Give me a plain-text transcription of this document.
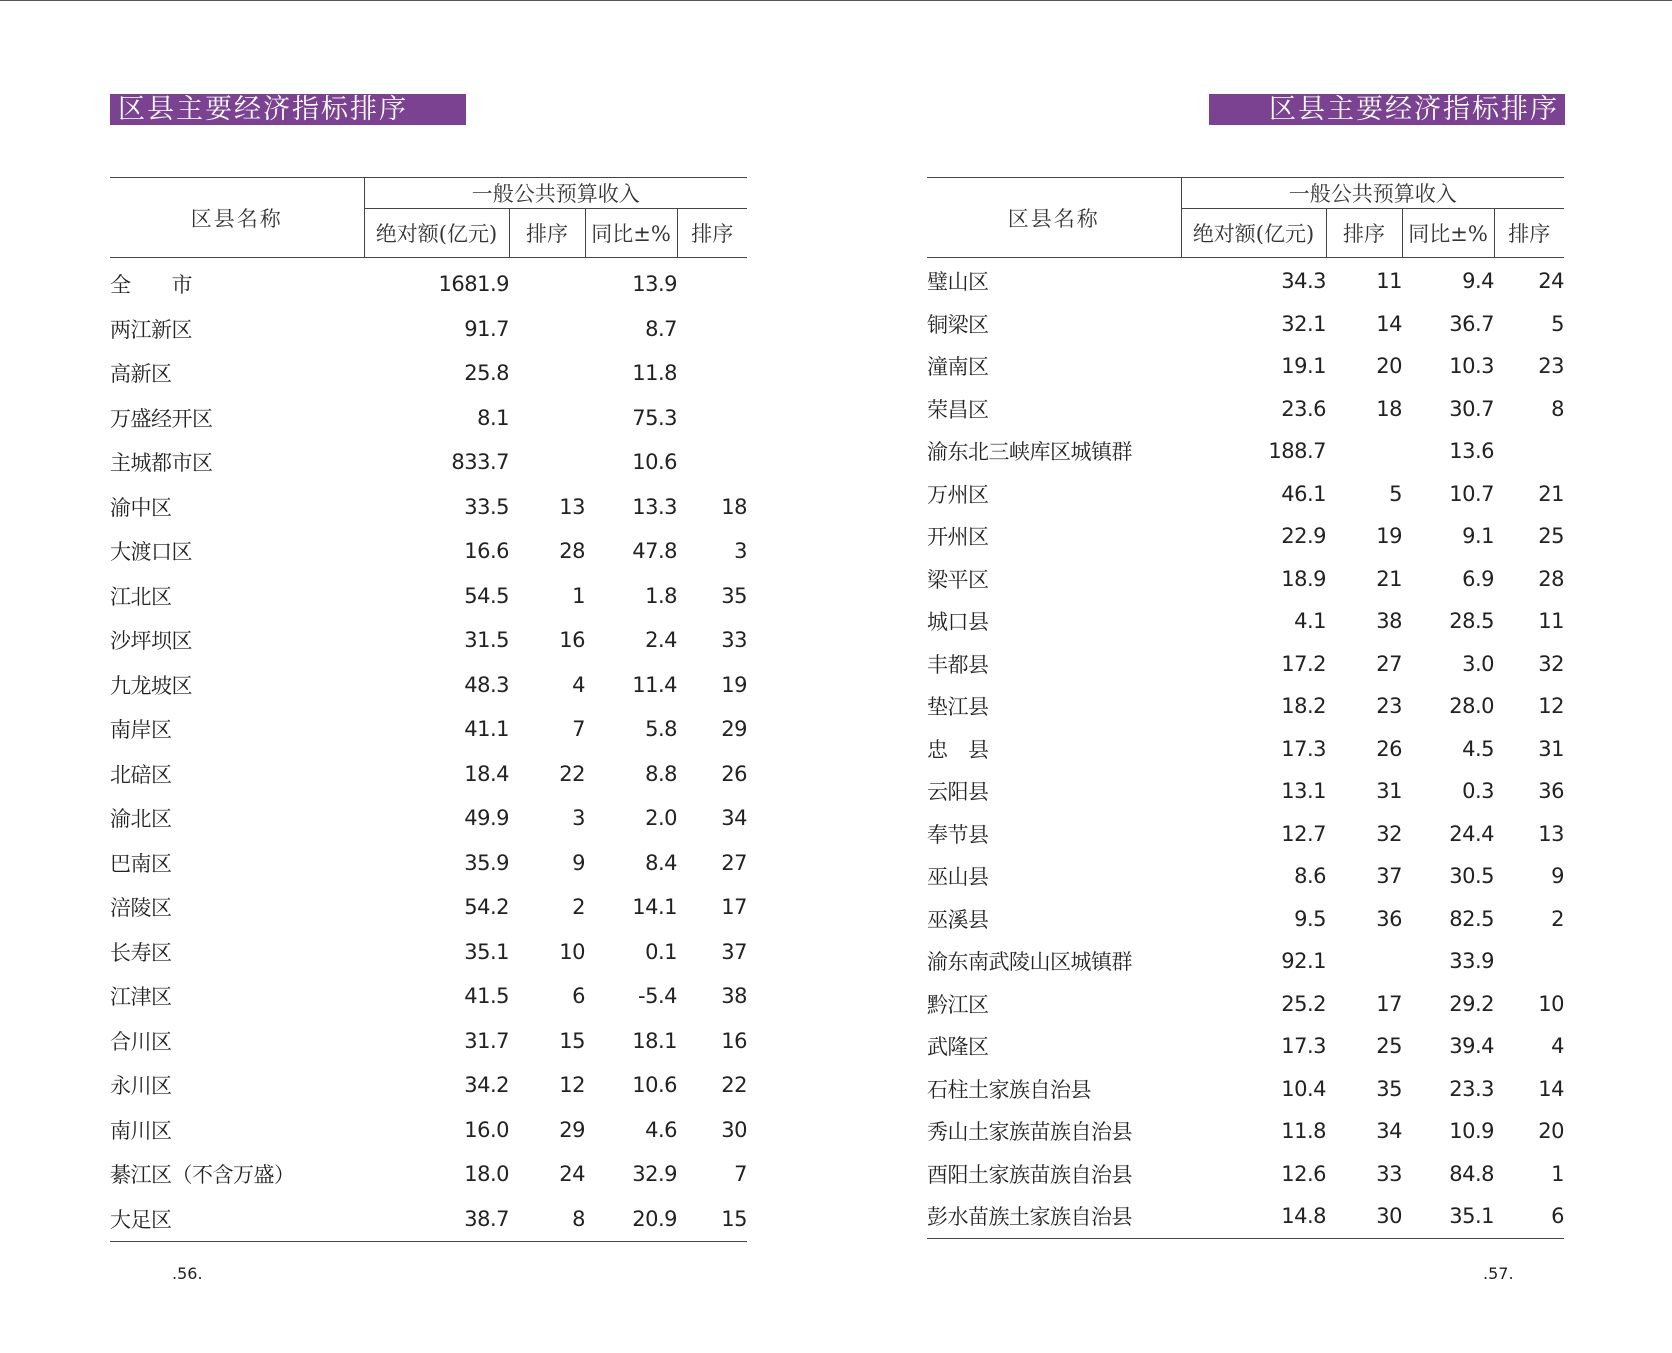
区县主要经济指标排序	区县主要经济指标排序
区县名称	一般公共预算收入			
	绝对额(亿元)	排序	同比±%	排序
全　　市	1681.9		13.9	
两江新区	91.7		8.7	
高新区	25.8		11.8	
万盛经开区	8.1		75.3	
主城都市区	833.7		10.6	
渝中区	33.5	13	13.3	18
大渡口区	16.6	28	47.8	3
江北区	54.5	1	1.8	35
沙坪坝区	31.5	16	2.4	33
九龙坡区	48.3	4	11.4	19
南岸区	41.1	7	5.8	29
北碚区	18.4	22	8.8	26
渝北区	49.9	3	2.0	34
巴南区	35.9	9	8.4	27
涪陵区	54.2	2	14.1	17
长寿区	35.1	10	0.1	37
江津区	41.5	6	-5.4	38
合川区	31.7	15	18.1	16
永川区	34.2	12	10.6	22
南川区	16.0	29	4.6	30
綦江区（不含万盛）	18.0	24	32.9	7
大足区	38.7	8	20.9	15
区县名称	一般公共预算收入			
	绝对额(亿元)	排序	同比±%	排序
璧山区	34.3	11	9.4	24
铜梁区	32.1	14	36.7	5
潼南区	19.1	20	10.3	23
荣昌区	23.6	18	30.7	8
渝东北三峡库区城镇群	188.7		13.6	
万州区	46.1	5	10.7	21
开州区	22.9	19	9.1	25
梁平区	18.9	21	6.9	28
城口县	4.1	38	28.5	11
丰都县	17.2	27	3.0	32
垫江县	18.2	23	28.0	12
忠　县	17.3	26	4.5	31
云阳县	13.1	31	0.3	36
奉节县	12.7	32	24.4	13
巫山县	8.6	37	30.5	9
巫溪县	9.5	36	82.5	2
渝东南武陵山区城镇群	92.1		33.9	
黔江区	25.2	17	29.2	10
武隆区	17.3	25	39.4	4
石柱土家族自治县	10.4	35	23.3	14
秀山土家族苗族自治县	11.8	34	10.9	20
酉阳土家族苗族自治县	12.6	33	84.8	1
彭水苗族土家族自治县	14.8	30	35.1	6
.56.	.57.
